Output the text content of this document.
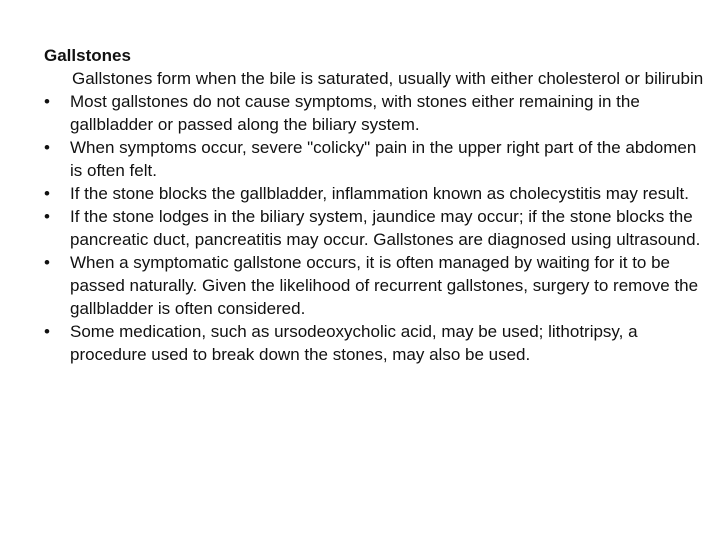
Gallstones

Gallstones form when the bile is saturated, usually with either cholesterol or bilirubin

•	Most gallstones do not cause symptoms, with stones either remaining in the gallbladder or passed along the biliary system.
•	When symptoms occur, severe "colicky" pain in the upper right part of the abdomen is often felt.
•	If the stone blocks the gallbladder, inflammation known as cholecystitis may result.
•	If the stone lodges in the biliary system, jaundice may occur; if the stone blocks the pancreatic duct, pancreatitis may occur. Gallstones are diagnosed using ultrasound.
•	When a symptomatic gallstone occurs, it is often managed by waiting for it to be passed naturally. Given the likelihood of recurrent gallstones, surgery to remove the gallbladder is often considered.
•	Some medication, such as ursodeoxycholic acid, may be used; lithotripsy, a procedure used to break down the stones, may also be used.
